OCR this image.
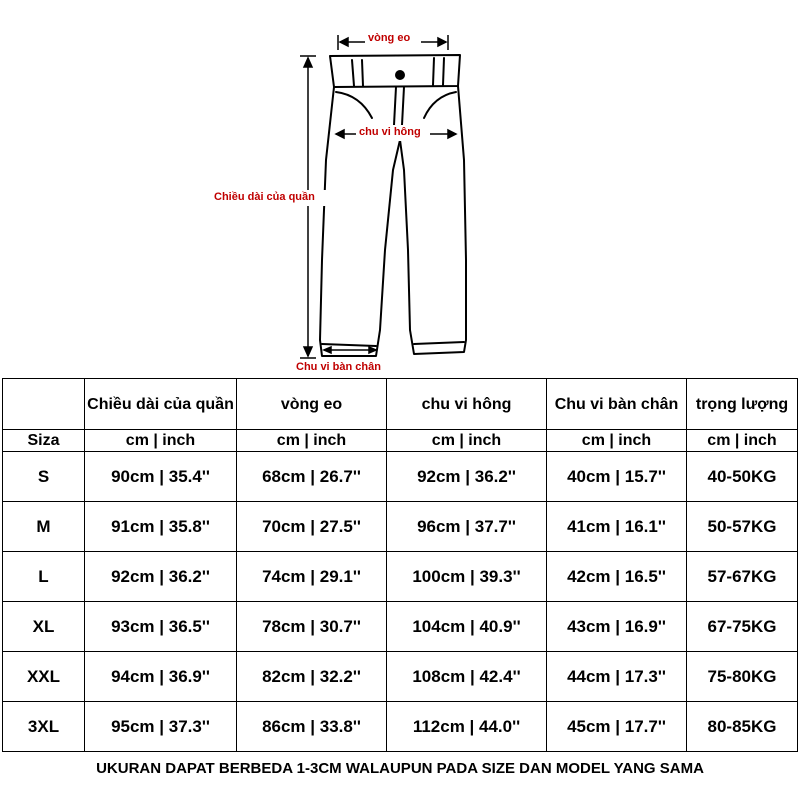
vòng eo
chu vi hông
Chiều dài của quần
Chu vi bàn chân
	Chiều dài của quần	vòng eo	chu vi hông	Chu vi bàn chân	trọng lượng
Siza	cm | inch	cm | inch	cm | inch	cm | inch	cm | inch
S	90cm | 35.4''	68cm | 26.7''	92cm | 36.2''	40cm | 15.7''	40-50KG
M	91cm | 35.8''	70cm | 27.5''	96cm | 37.7''	41cm | 16.1''	50-57KG
L	92cm | 36.2''	74cm | 29.1''	100cm | 39.3''	42cm | 16.5''	57-67KG
XL	93cm | 36.5''	78cm | 30.7''	104cm | 40.9''	43cm | 16.9''	67-75KG
XXL	94cm | 36.9''	82cm | 32.2''	108cm | 42.4''	44cm | 17.3''	75-80KG
3XL	95cm | 37.3''	86cm | 33.8''	112cm | 44.0''	45cm | 17.7''	80-85KG
UKURAN DAPAT BERBEDA 1-3CM WALAUPUN PADA SIZE DAN MODEL YANG SAMA
